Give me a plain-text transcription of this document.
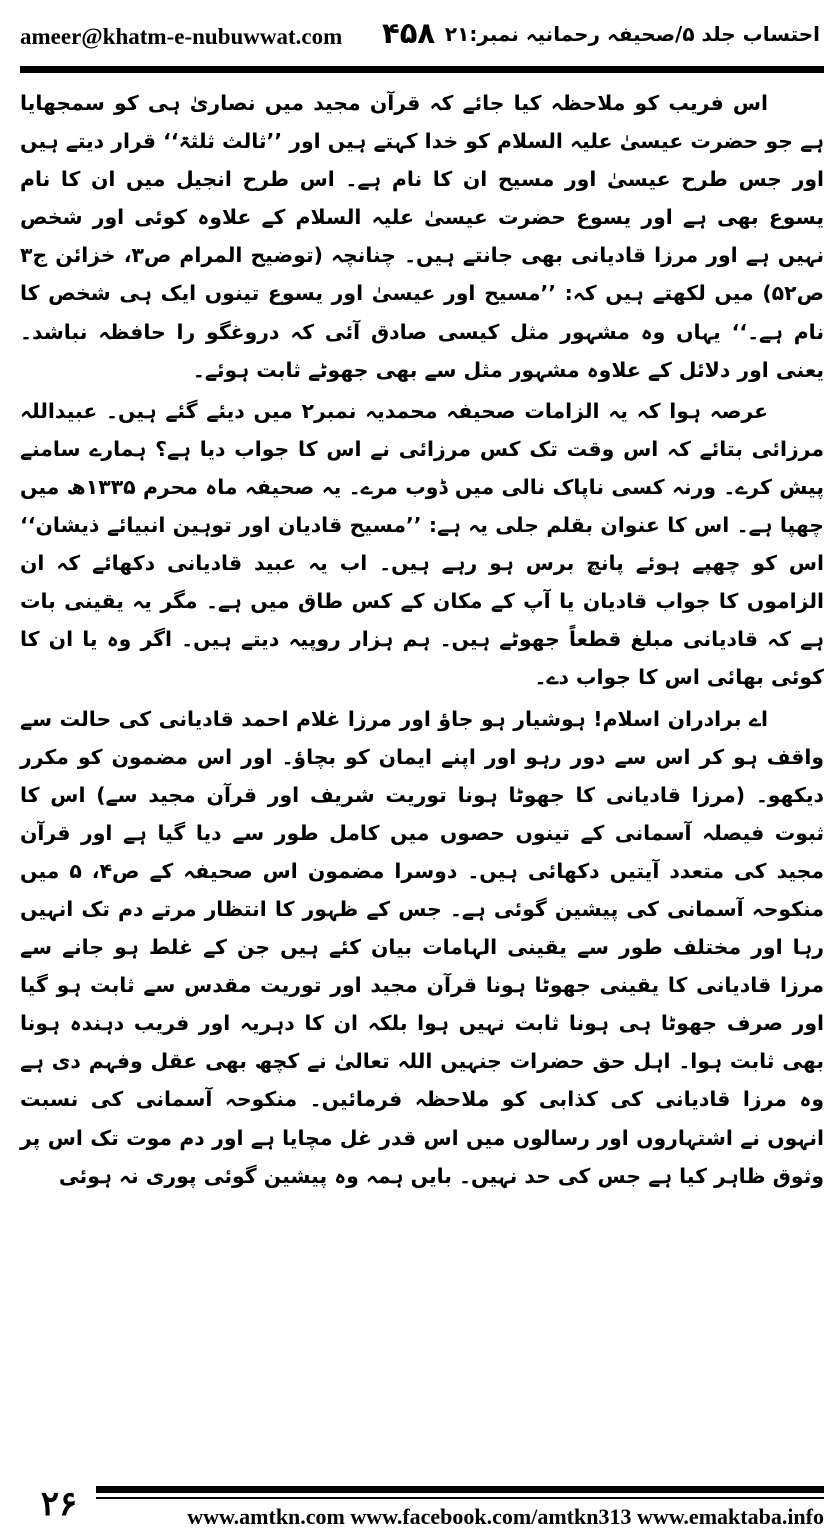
ameer@khatm-e-nubuwwat.com ۴۵۸ احتساب جلد ۵/صحیفہ رحمانیہ نمبر:۲۱

اس فریب کو ملاحظہ کیا جائے کہ قرآن مجید میں نصاریٰ ہی کو سمجھایا ہے جو حضرت عیسیٰ علیہ السلام کو خدا کہتے ہیں اور ’’ثالث ثلثۃ‘‘ قرار دیتے ہیں اور جس طرح عیسیٰ اور مسیح ان کا نام ہے۔ اس طرح انجیل میں ان کا نام یسوع بھی ہے اور یسوع حضرت عیسیٰ علیہ السلام کے علاوہ کوئی اور شخص نہیں ہے اور مرزا قادیانی بھی جانتے ہیں۔ چنانچہ (توضیح المرام ص۳، خزائن ج۳ ص۵۲) میں لکھتے ہیں کہ: ’’مسیح اور عیسیٰ اور یسوع تینوں ایک ہی شخص کا نام ہے۔‘‘ یہاں وہ مشہور مثل کیسی صادق آئی کہ دروغگو را حافظہ نباشد۔ یعنی اور دلائل کے علاوہ مشہور مثل سے بھی جھوٹے ثابت ہوئے۔

عرصہ ہوا کہ یہ الزامات صحیفہ محمدیہ نمبر۲ میں دیئے گئے ہیں۔ عبیداللہ مرزائی بتائے کہ اس وقت تک کس مرزائی نے اس کا جواب دیا ہے؟ ہمارے سامنے پیش کرے۔ ورنہ کسی ناپاک نالی میں ڈوب مرے۔ یہ صحیفہ ماہ محرم ۱۳۳۵ھ میں چھپا ہے۔ اس کا عنوان بقلم جلی یہ ہے: ’’مسیح قادیان اور توہین انبیائے ذیشان‘‘ اس کو چھپے ہوئے پانچ برس ہو رہے ہیں۔ اب یہ عبید قادیانی دکھائے کہ ان الزاموں کا جواب قادیان یا آپ کے مکان کے کس طاق میں ہے۔ مگر یہ یقینی بات ہے کہ قادیانی مبلغ قطعاً جھوٹے ہیں۔ ہم ہزار روپیہ دیتے ہیں۔ اگر وہ یا ان کا کوئی بھائی اس کا جواب دے۔

اے برادران اسلام! ہوشیار ہو جاؤ اور مرزا غلام احمد قادیانی کی حالت سے واقف ہو کر اس سے دور رہو اور اپنے ایمان کو بچاؤ۔ اور اس مضمون کو مکرر دیکھو۔ (مرزا قادیانی کا جھوٹا ہونا توریت شریف اور قرآن مجید سے) اس کا ثبوت فیصلہ آسمانی کے تینوں حصوں میں کامل طور سے دیا گیا ہے اور قرآن مجید کی متعدد آیتیں دکھائی ہیں۔ دوسرا مضمون اس صحیفہ کے ص۴، ۵ میں منکوحہ آسمانی کی پیشین گوئی ہے۔ جس کے ظہور کا انتظار مرتے دم تک انہیں رہا اور مختلف طور سے یقینی الہامات بیان کئے ہیں جن کے غلط ہو جانے سے مرزا قادیانی کا یقینی جھوٹا ہونا قرآن مجید اور توریت مقدس سے ثابت ہو گیا اور صرف جھوٹا ہی ہونا ثابت نہیں ہوا بلکہ ان کا دہریہ اور فریب دہندہ ہونا بھی ثابت ہوا۔ اہل حق حضرات جنہیں اللہ تعالیٰ نے کچھ بھی عقل وفہم دی ہے وہ مرزا قادیانی کی کذابی کو ملاحظہ فرمائیں۔ منکوحہ آسمانی کی نسبت انہوں نے اشتہاروں اور رسالوں میں اس قدر غل مچایا ہے اور دم موت تک اس پر وثوق ظاہر کیا ہے جس کی حد نہیں۔ بایں ہمہ وہ پیشین گوئی پوری نہ ہوئی

۲۶	www.amtkn.com www.facebook.com/amtkn313 www.emaktaba.info
